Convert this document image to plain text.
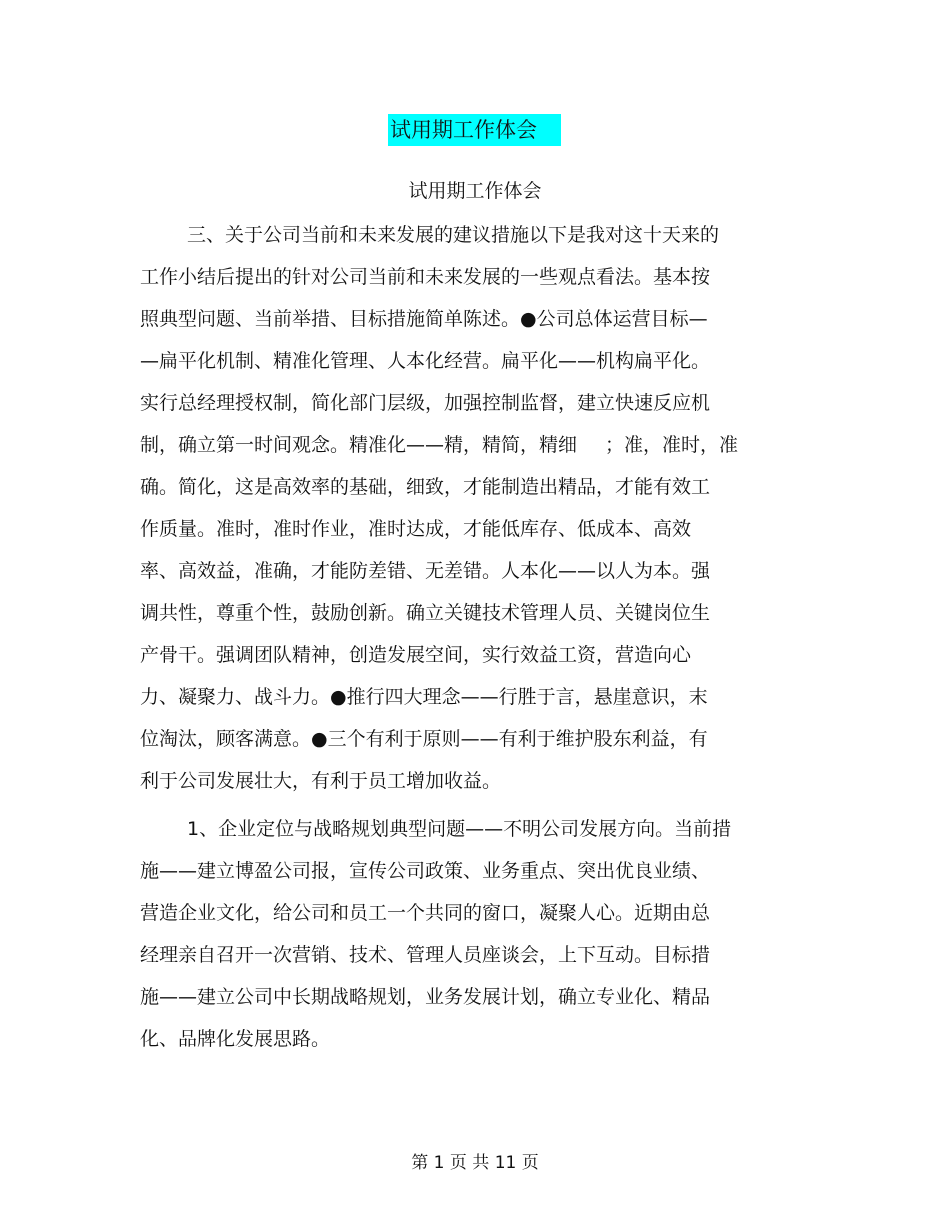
试用期工作体会
试用期工作体会
三、关于公司当前和未来发展的建议措施以下是我对这十天来的
工作小结后提出的针对公司当前和未来发展的一些观点看法。基本按
照典型问题、当前举措、目标措施简单陈述。●公司总体运营目标—
—扁平化机制、精准化管理、人本化经营。扁平化——机构扁平化。
实行总经理授权制，简化部门层级，加强控制监督，建立快速反应机
制，确立第一时间观念。精准化——精，精简，精细 ；准，准时，准
确。简化，这是高效率的基础，细致，才能制造出精品，才能有效工
作质量。准时，准时作业，准时达成，才能低库存、低成本、高效
率、高效益，准确，才能防差错、无差错。人本化——以人为本。强
调共性，尊重个性，鼓励创新。确立关键技术管理人员、关键岗位生
产骨干。强调团队精神，创造发展空间，实行效益工资，营造向心
力、凝聚力、战斗力。●推行四大理念——行胜于言，悬崖意识，末
位淘汰，顾客满意。●三个有利于原则——有利于维护股东利益，有
利于公司发展壮大，有利于员工增加收益。
1、企业定位与战略规划典型问题——不明公司发展方向。当前措
施——建立博盈公司报，宣传公司政策、业务重点、突出优良业绩、
营造企业文化，给公司和员工一个共同的窗口，凝聚人心。近期由总
经理亲自召开一次营销、技术、管理人员座谈会，上下互动。目标措
施——建立公司中长期战略规划，业务发展计划，确立专业化、精品
化、品牌化发展思路。
第 1 页 共 11 页
